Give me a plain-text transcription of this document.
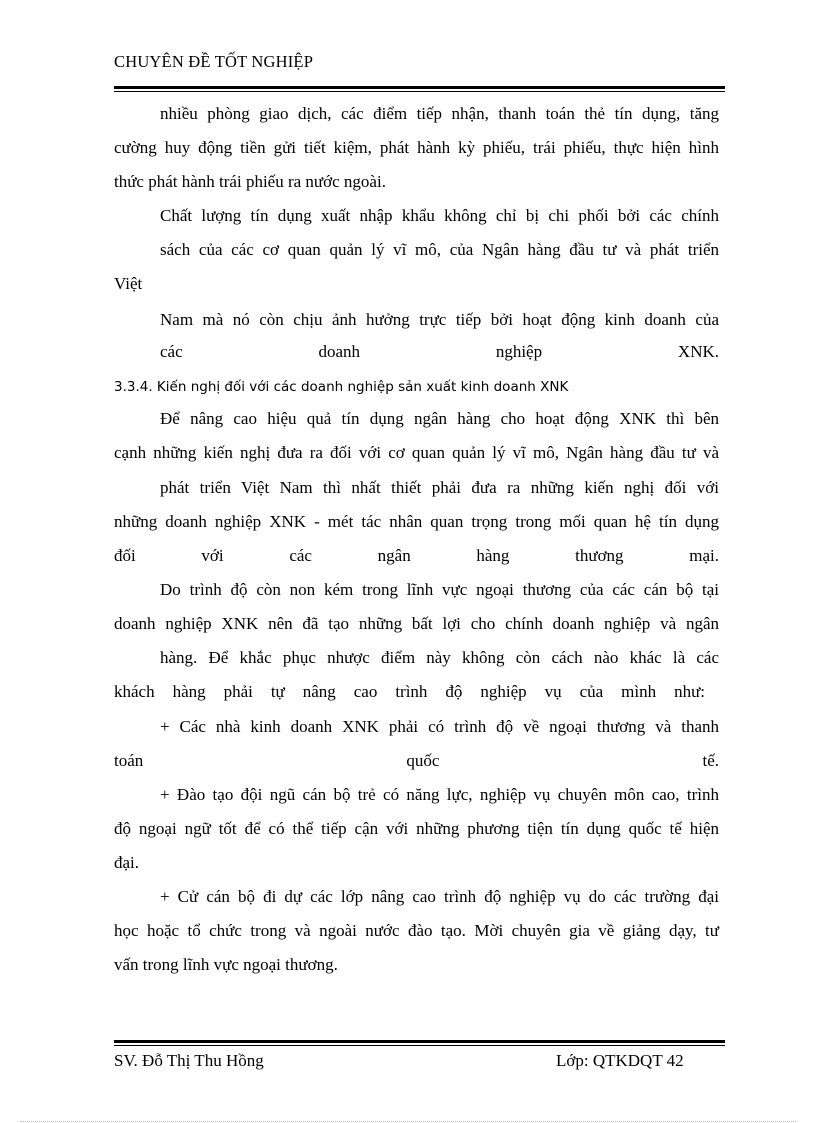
CHUYÊN ĐỀ TỐT NGHIỆP
nhiều phòng giao dịch, các điểm tiếp nhận, thanh toán thẻ tín dụng, tăng
cường huy động tiền gửi tiết kiệm, phát hành kỳ phiếu, trái phiếu, thực hiện hình
thức phát hành trái phiếu ra nước ngoài.
Chất lượng tín dụng xuất nhập khẩu không chỉ bị chi phối bởi các chính
sách của các cơ quan quản lý vĩ mô, của Ngân hàng đầu tư và phát triển
Việt
Nam mà nó còn chịu ảnh hưởng trực tiếp bởi hoạt động kinh doanh của
các doanh nghiệp XNK.
3.3.4. Kiến nghị đối với các doanh nghiệp sản xuất kinh doanh XNK
Để nâng cao hiệu quả tín dụng ngân hàng cho hoạt động XNK thì bên
cạnh những kiến nghị đưa ra đối với cơ quan quản lý vĩ mô, Ngân hàng đầu tư và
phát triển Việt Nam thì nhất thiết phải đưa ra những kiến nghị đối với
những doanh nghiệp XNK - mét tác nhân quan trọng trong mối quan hệ tín dụng
đối với các ngân hàng thương mại.
Do trình độ còn non kém trong lĩnh vực ngoại thương của các cán bộ tại
doanh nghiệp XNK nên đã tạo những bất lợi cho chính doanh nghiệp và ngân
hàng. Để khắc phục nhược điểm này không còn cách nào khác là các
khách hàng phải tự nâng cao trình độ nghiệp vụ của mình như:
+ Các nhà kinh doanh XNK phải có trình độ về ngoại thương và thanh
toán quốc tế.
+ Đào tạo đội ngũ cán bộ trẻ có năng lực, nghiệp vụ chuyên môn cao, trình
độ ngoại ngữ tốt để có thể tiếp cận với những phương tiện tín dụng quốc tế hiện
đại.
+ Cử cán bộ đi dự các lớp nâng cao trình độ nghiệp vụ do các trường đại
học hoặc tổ chức trong và ngoài nước đào tạo. Mời chuyên gia về giảng dạy, tư
vấn trong lĩnh vực ngoại thương.
SV. Đỗ Thị Thu Hồng	Lớp: QTKDQT 42
